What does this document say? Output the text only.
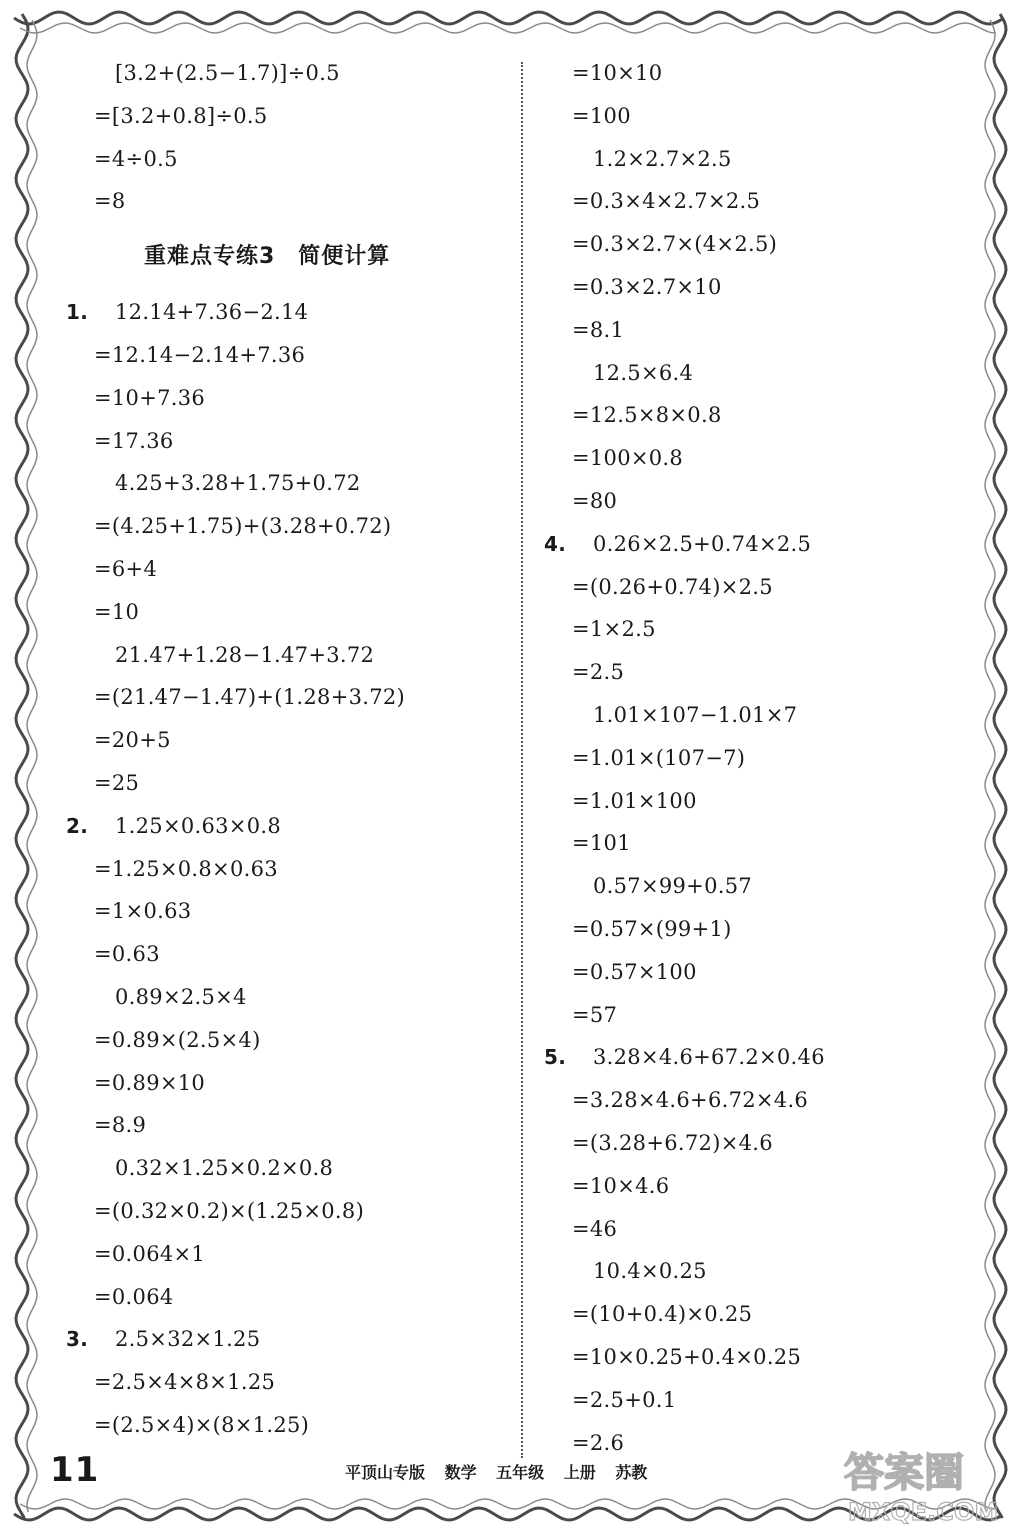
[3.2+(2.5−1.7)]÷0.5
=[3.2+0.8]÷0.5
=4÷0.5
=8
重难点专练3　简便计算
1. 12.14+7.36−2.14
=12.14−2.14+7.36
=10+7.36
=17.36
4.25+3.28+1.75+0.72
=(4.25+1.75)+(3.28+0.72)
=6+4
=10
21.47+1.28−1.47+3.72
=(21.47−1.47)+(1.28+3.72)
=20+5
=25
2. 1.25×0.63×0.8
=1.25×0.8×0.63
=1×0.63
=0.63
0.89×2.5×4
=0.89×(2.5×4)
=0.89×10
=8.9
0.32×1.25×0.2×0.8
=(0.32×0.2)×(1.25×0.8)
=0.064×1
=0.064
3. 2.5×32×1.25
=2.5×4×8×1.25
=(2.5×4)×(8×1.25)
=10×10
=100
1.2×2.7×2.5
=0.3×4×2.7×2.5
=0.3×2.7×(4×2.5)
=0.3×2.7×10
=8.1
12.5×6.4
=12.5×8×0.8
=100×0.8
=80
4. 0.26×2.5+0.74×2.5
=(0.26+0.74)×2.5
=1×2.5
=2.5
1.01×107−1.01×7
=1.01×(107−7)
=1.01×100
=101
0.57×99+0.57
=0.57×(99+1)
=0.57×100
=57
5. 3.28×4.6+67.2×0.46
=3.28×4.6+6.72×4.6
=(3.28+6.72)×4.6
=10×4.6
=46
10.4×0.25
=(10+0.4)×0.25
=10×0.25+0.4×0.25
=2.5+0.1
=2.6
11	平顶山专版 数学 五年级 上册 苏教	答案圈
MXQE.COM
